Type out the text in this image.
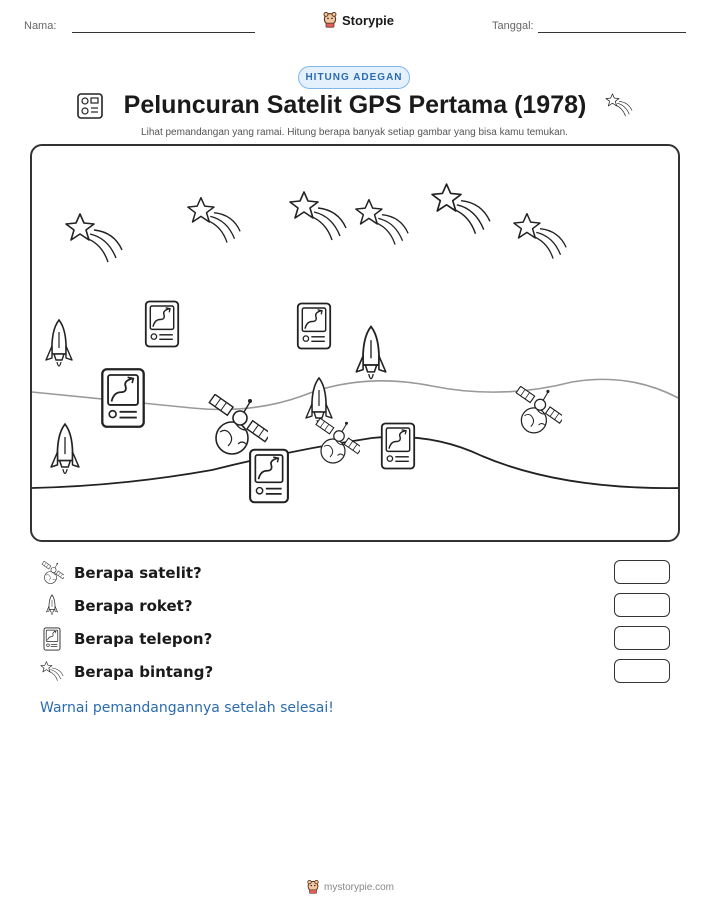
Nama:	Storypie	Tanggal:
HITUNG ADEGAN
Peluncuran Satelit GPS Pertama (1978)
Lihat pemandangan yang ramai. Hitung berapa banyak setiap gambar yang bisa kamu temukan.
Berapa satelit?
Berapa roket?
Berapa telepon?
Berapa bintang?
Warnai pemandangannya setelah selesai!
mystorypie.com
